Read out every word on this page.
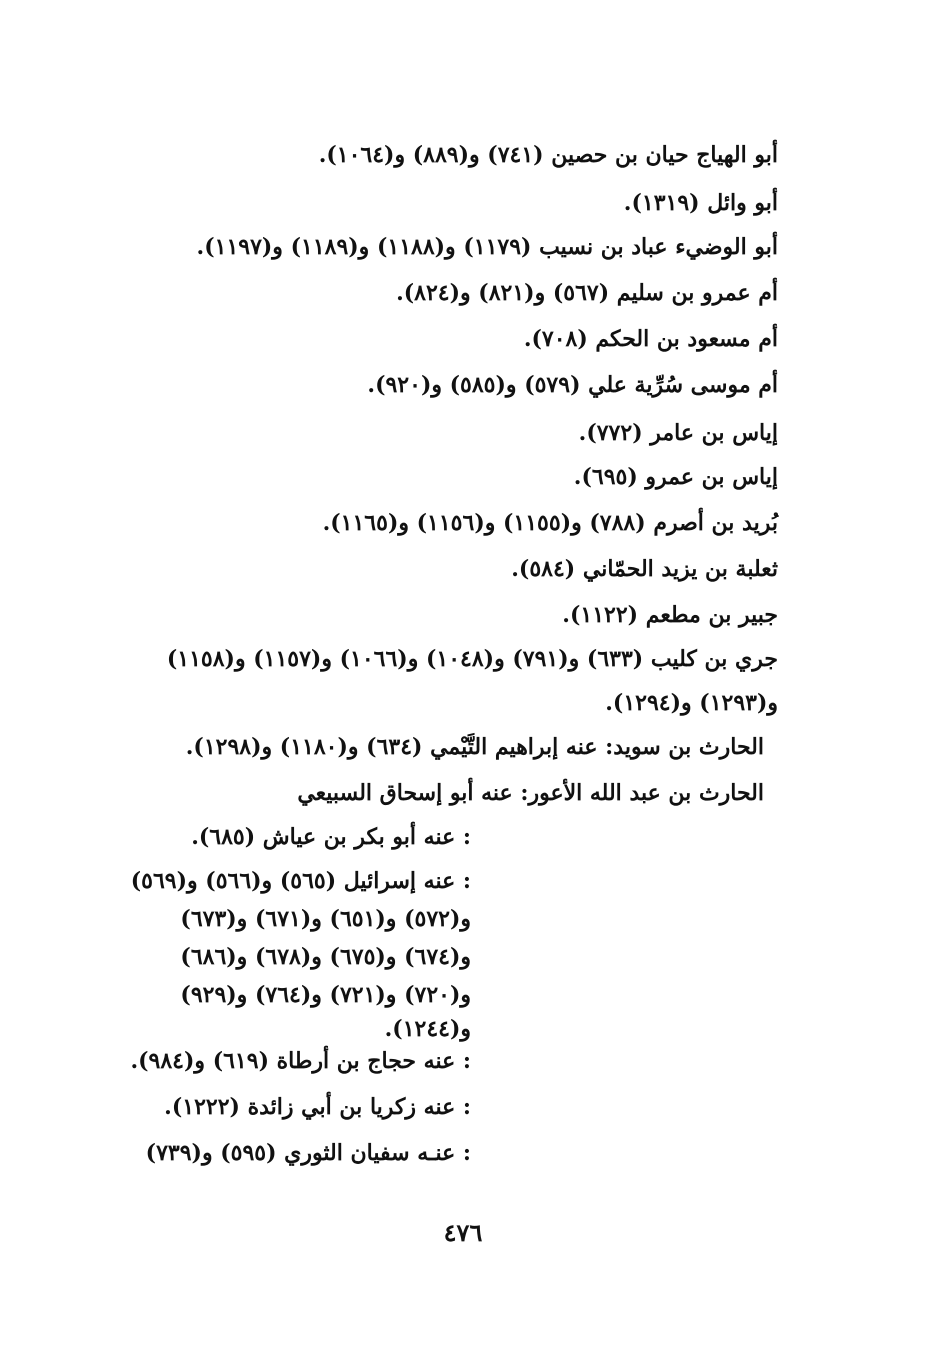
أبو الهياج حيان بن حصين (٧٤١) و(٨٨٩) و(١٠٦٤).
أبو وائل (١٣١٩).
أبو الوضيء عباد بن نسيب (١١٧٩) و(١١٨٨) و(١١٨٩) و(١١٩٧).
أم عمرو بن سليم (٥٦٧) و(٨٢١) و(٨٢٤).
أم مسعود بن الحكم (٧٠٨).
أم موسى سُرِّية علي (٥٧٩) و(٥٨٥) و(٩٢٠).
إياس بن عامر (٧٧٢).
إياس بن عمرو (٦٩٥).
بُريد بن أصرم (٧٨٨) و(١١٥٥) و(١١٥٦) و(١١٦٥).
ثعلبة بن يزيد الحمّاني (٥٨٤).
جبير بن مطعم (١١٢٢).
جري بن كليب (٦٣٣) و(٧٩١) و(١٠٤٨) و(١٠٦٦) و(١١٥٧) و(١١٥٨)
و(١٢٩٣) و(١٢٩٤).
الحارث بن سويد: عنه إبراهيم التَّيْمي (٦٣٤) و(١١٨٠) و(١٢٩٨).
الحارث بن عبد الله الأعور: عنه أبو إسحاق السبيعي
: عنه أبو بكر بن عياش (٦٨٥).
: عنه إسرائيل (٥٦٥) و(٥٦٦) و(٥٦٩)
و(٥٧٢) و(٦٥١) و(٦٧١) و(٦٧٣)
و(٦٧٤) و(٦٧٥) و(٦٧٨) و(٦٨٦)
و(٧٢٠) و(٧٢١) و(٧٦٤) و(٩٢٩)
و(١٢٤٤).
: عنه حجاج بن أرطاة (٦١٩) و(٩٨٤).
: عنه زكريا بن أبي زائدة (١٢٢٢).
: عنـه سفيان الثوري (٥٩٥) و(٧٣٩)
٤٧٦
